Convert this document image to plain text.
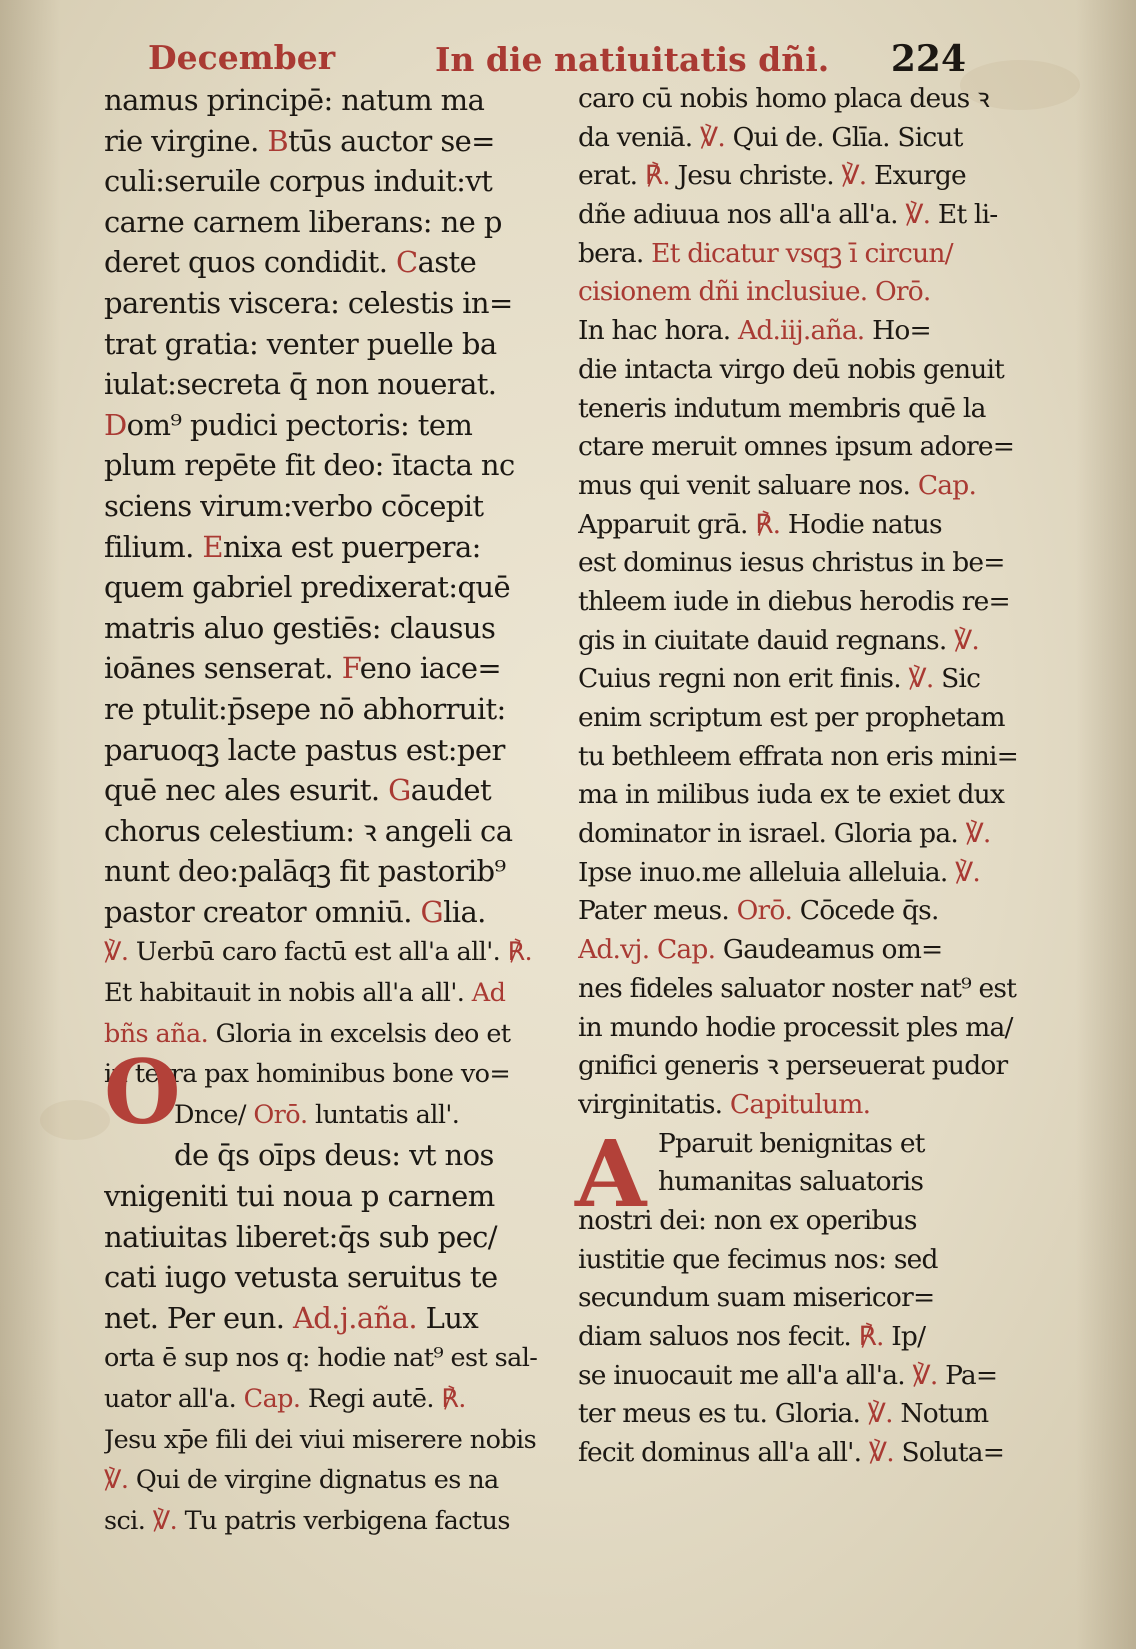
December	In die natiuitatis dñi. 224
namus principē: natum ma
rie virgine. Btūs auctor se=
culi:seruile corpus induit:vt
carne carnem liberans: ne p
deret quos condidit. Caste
parentis viscera: celestis in=
trat gratia: venter puelle ba
iulat:secreta q̄ non nouerat.
Dom⁹ pudici pectoris: tem
plum repēte fit deo: ītacta nc
sciens virum:verbo cōcepit
filium. Enixa est puerpera:
quem gabriel predixerat:quē
matris aluo gestiēs: clausus
ioānes senserat. Feno iace=
re ptulit:p̄sepe nō abhorruit:
paruoqꝫ lacte pastus est:per
quē nec ales esurit. Gaudet
chorus celestium: ꝛ angeli ca
nunt deo:palāqꝫ fit pastorib⁹
pastor creator omniū. Glia.
℣. Uerbū caro factū est all'a all'. ℟.
Et habitauit in nobis all'a all'. Ad
bñs aña. Gloria in excelsis deo et
in terra pax hominibus bone vo=
Dnce/ Orō. luntatis all'.
de q̄s oīps deus: vt nos
vnigeniti tui noua p carnem
natiuitas liberet:q̄s sub pec/
cati iugo vetusta seruitus te
net. Per eun. Ad.j.aña. Lux
orta ē sup nos q: hodie nat⁹ est sal-
uator all'a. Cap. Regi autē. ℟.
Jesu xp̄e fili dei viui miserere nobis
℣. Qui de virgine dignatus es na
sci. ℣. Tu patris verbigena factus
caro cū nobis homo placa deus ꝛ
da veniā. ℣. Qui de. Glīa. Sicut
erat. ℟. Jesu christe. ℣. Exurge
dñe adiuua nos all'a all'a. ℣. Et li-
bera. Et dicatur vsqꝫ ī circun/
cisionem dñi inclusiue. Orō.
In hac hora. Ad.iij.aña. Ho=
die intacta virgo deū nobis genuit
teneris indutum membris quē la
ctare meruit omnes ipsum adore=
mus qui venit saluare nos. Cap.
Apparuit grā. ℟. Hodie natus
est dominus iesus christus in be=
thleem iude in diebus herodis re=
gis in ciuitate dauid regnans. ℣.
Cuius regni non erit finis. ℣. Sic
enim scriptum est per prophetam
tu bethleem effrata non eris mini=
ma in milibus iuda ex te exiet dux
dominator in israel. Gloria pa. ℣.
Ipse inuo.me alleluia alleluia. ℣.
Pater meus. Orō. Cōcede q̄s.
Ad.vj. Cap. Gaudeamus om=
nes fideles saluator noster nat⁹ est
in mundo hodie processit ples ma/
gnifici generis ꝛ perseuerat pudor
virginitatis. Capitulum.
Pparuit benignitas et
humanitas saluatoris
nostri dei: non ex operibus
iustitie que fecimus nos: sed
secundum suam misericor=
diam saluos nos fecit. ℟. Ip/
se inuocauit me all'a all'a. ℣. Pa=
ter meus es tu. Gloria. ℣. Notum
fecit dominus all'a all'. ℣. Soluta=
O
A
